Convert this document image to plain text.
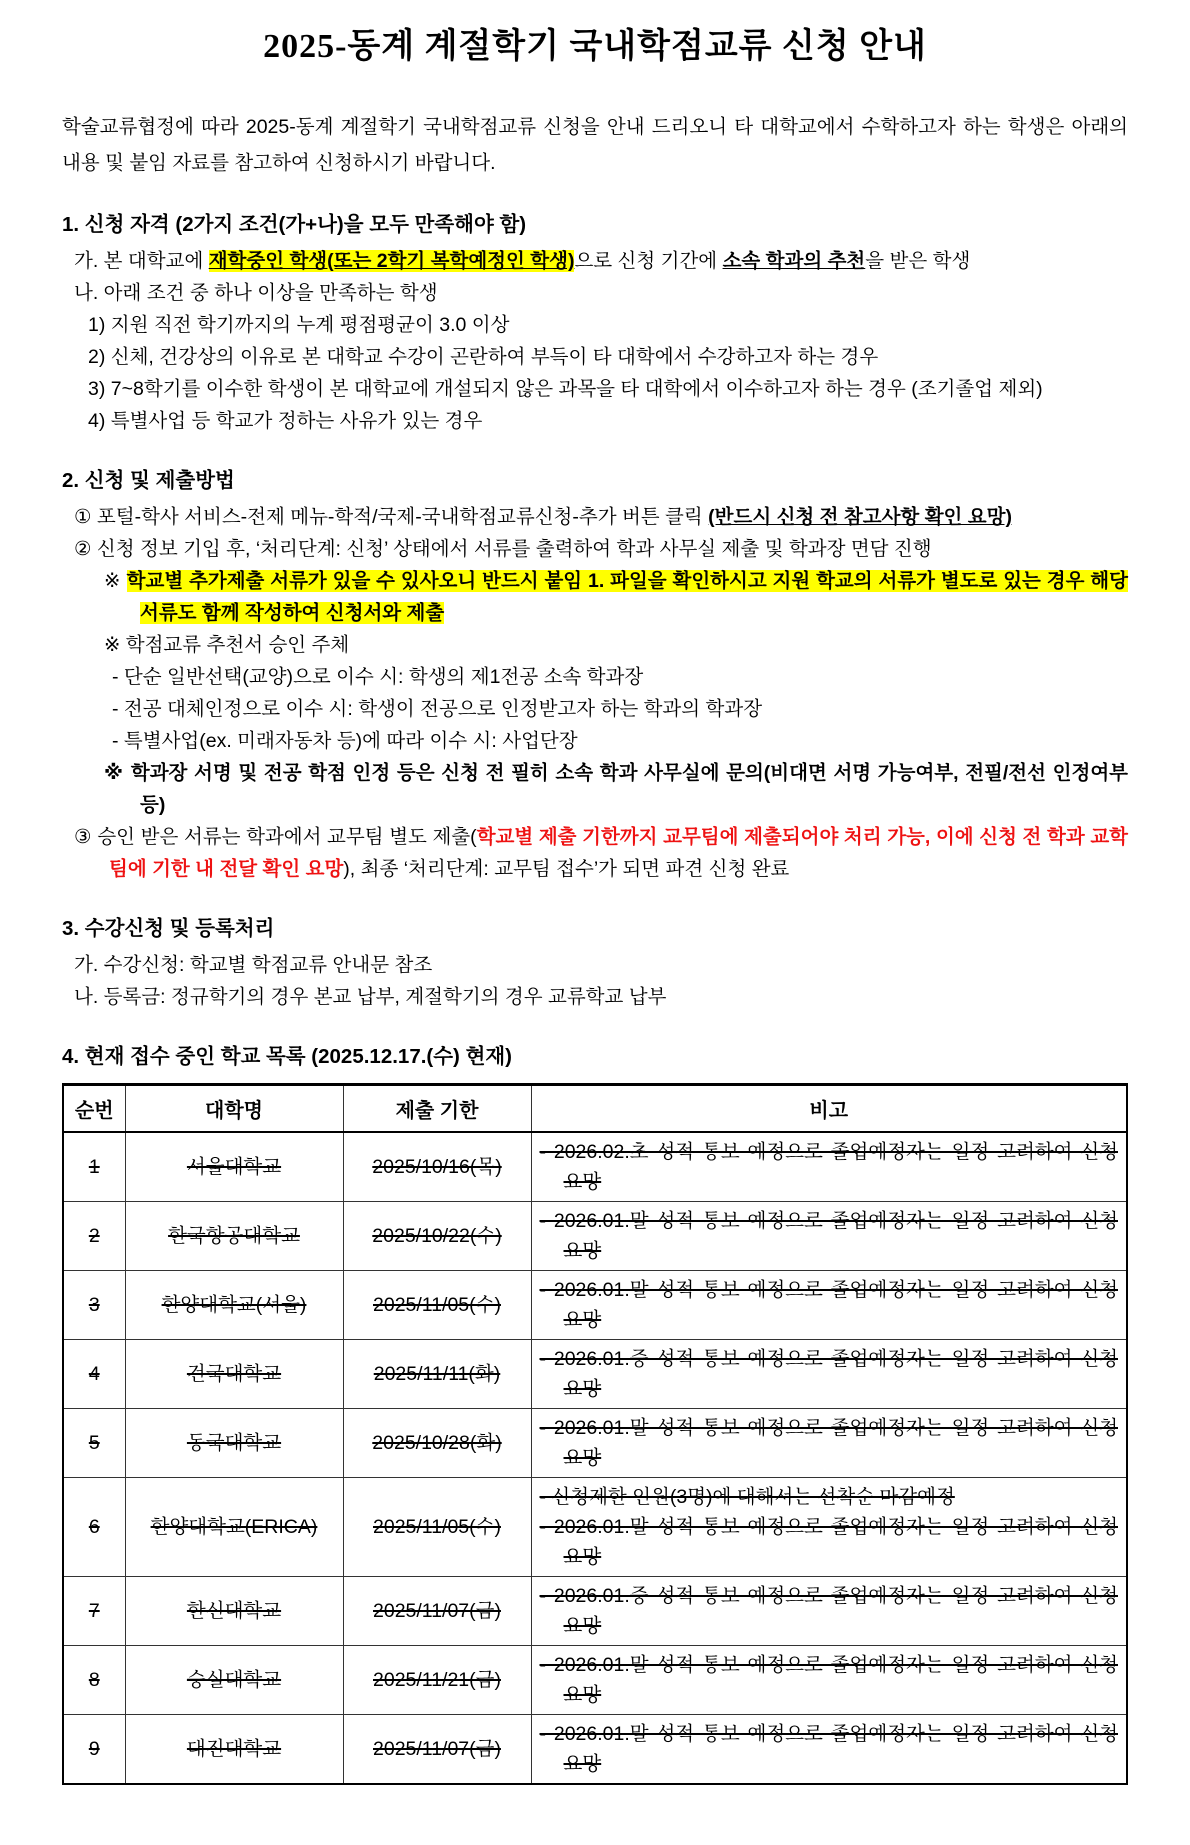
2025-동계 계절학기 국내학점교류 신청 안내

학술교류협정에 따라 2025-동계 계절학기 국내학점교류 신청을 안내 드리오니 타 대학교에서 수학하고자 하는 학생은 아래의 내용 및 붙임 자료를 참고하여 신청하시기 바랍니다.

1. 신청 자격 (2가지 조건(가+나)을 모두 만족해야 함)
가. 본 대학교에 재학중인 학생(또는 2학기 복학예정인 학생)으로 신청 기간에 소속 학과의 추천을 받은 학생
나. 아래 조건 중 하나 이상을 만족하는 학생
1) 지원 직전 학기까지의 누계 평점평균이 3.0 이상
2) 신체, 건강상의 이유로 본 대학교 수강이 곤란하여 부득이 타 대학에서 수강하고자 하는 경우
3) 7~8학기를 이수한 학생이 본 대학교에 개설되지 않은 과목을 타 대학에서 이수하고자 하는 경우 (조기졸업 제외)
4) 특별사업 등 학교가 정하는 사유가 있는 경우
2. 신청 및 제출방법
① 포털-학사 서비스-전제 메뉴-학적/국제-국내학점교류신청-추가 버튼 클릭 (반드시 신청 전 참고사항 확인 요망)
② 신청 정보 기입 후, ‘처리단계: 신청’ 상태에서 서류를 출력하여 학과 사무실 제출 및 학과장 면담 진행
※ 학교별 추가제출 서류가 있을 수 있사오니 반드시 붙임 1. 파일을 확인하시고 지원 학교의 서류가 별도로 있는 경우 해당 서류도 함께 작성하여 신청서와 제출
※ 학점교류 추천서 승인 주체
- 단순 일반선택(교양)으로 이수 시: 학생의 제1전공 소속 학과장
- 전공 대체인정으로 이수 시: 학생이 전공으로 인정받고자 하는 학과의 학과장
- 특별사업(ex. 미래자동차 등)에 따라 이수 시: 사업단장
※ 학과장 서명 및 전공 학점 인정 등은 신청 전 필히 소속 학과 사무실에 문의(비대면 서명 가능여부, 전필/전선 인정여부 등)
③ 승인 받은 서류는 학과에서 교무팀 별도 제출(학교별 제출 기한까지 교무팀에 제출되어야 처리 가능, 이에 신청 전 학과 교학팀에 기한 내 전달 확인 요망), 최종 ‘처리단계: 교무팀 접수’가 되면 파견 신청 완료
3. 수강신청 및 등록처리
가. 수강신청: 학교별 학점교류 안내문 참조
나. 등록금: 정규학기의 경우 본교 납부, 계절학기의 경우 교류학교 납부
4. 현재 접수 중인 학교 목록 (2025.12.17.(수) 현재)
순번	대학명	제출 기한	비고
1	서울대학교	2025/10/16(목)	- 2026.02.초 성적 통보 예정으로 졸업예정자는 일정 고려하여 신청 요망

2	한국항공대학교	2025/10/22(수)	- 2026.01.말 성적 통보 예정으로 졸업예정자는 일정 고려하여 신청 요망

3	한양대학교(서울)	2025/11/05(수)	- 2026.01.말 성적 통보 예정으로 졸업예정자는 일정 고려하여 신청 요망

4	건국대학교	2025/11/11(화)	- 2026.01.중 성적 통보 예정으로 졸업예정자는 일정 고려하여 신청 요망

5	동국대학교	2025/10/28(화)	- 2026.01.말 성적 통보 예정으로 졸업예정자는 일정 고려하여 신청 요망

6	한양대학교(ERICA)	2025/11/05(수)	- 신청제한 인원(3명)에 대해서는 선착순 마감예정
- 2026.01.말 성적 통보 예정으로 졸업예정자는 일정 고려하여 신청 요망

7	한신대학교	2025/11/07(금)	- 2026.01.중 성적 통보 예정으로 졸업예정자는 일정 고려하여 신청 요망

8	숭실대학교	2025/11/21(금)	- 2026.01.말 성적 통보 예정으로 졸업예정자는 일정 고려하여 신청 요망

9	대진대학교	2025/11/07(금)	- 2026.01.말 성적 통보 예정으로 졸업예정자는 일정 고려하여 신청 요망
